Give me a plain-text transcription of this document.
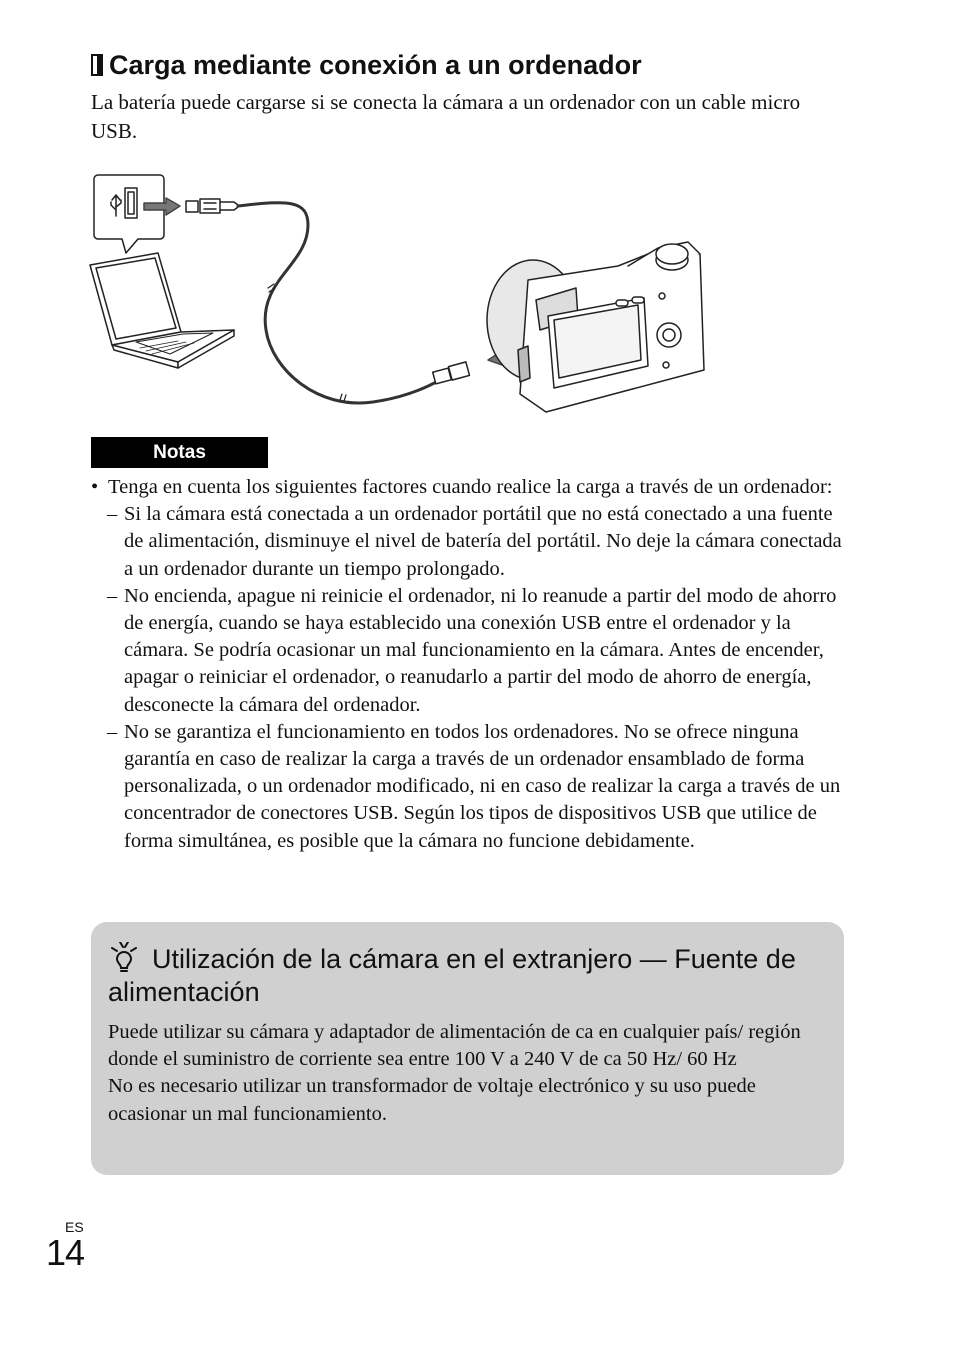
Carga mediante conexión a un ordenador
La batería puede cargarse si se conecta la cámara a un ordenador con un cable micro USB.
Notas
• Tenga en cuenta los siguientes factores cuando realice la carga a través de un ordenador:
– Si la cámara está conectada a un ordenador portátil que no está conectado a una fuente de alimentación, disminuye el nivel de batería del portátil. No deje la cámara conectada a un ordenador durante un tiempo prolongado.
– No encienda, apague ni reinicie el ordenador, ni lo reanude a partir del modo de ahorro de energía, cuando se haya establecido una conexión USB entre el ordenador y la cámara. Se podría ocasionar un mal funcionamiento en la cámara. Antes de encender, apagar o reiniciar el ordenador, o reanudarlo a partir del modo de ahorro de energía, desconecte la cámara del ordenador.
– No se garantiza el funcionamiento en todos los ordenadores. No se ofrece ninguna garantía en caso de realizar la carga a través de un ordenador ensamblado de forma personalizada, o un ordenador modificado, ni en caso de realizar la carga a través de un concentrador de conectores USB. Según los tipos de dispositivos USB que utilice de forma simultánea, es posible que la cámara no funcione debidamente.
Utilización de la cámara en el extranjero — Fuente de alimentación
Puede utilizar su cámara y adaptador de alimentación de ca en cualquier país/ región donde el suministro de corriente sea entre 100 V a 240 V de ca 50 Hz/ 60 Hz
No es necesario utilizar un transformador de voltaje electrónico y su uso puede ocasionar un mal funcionamiento.
ES
14
